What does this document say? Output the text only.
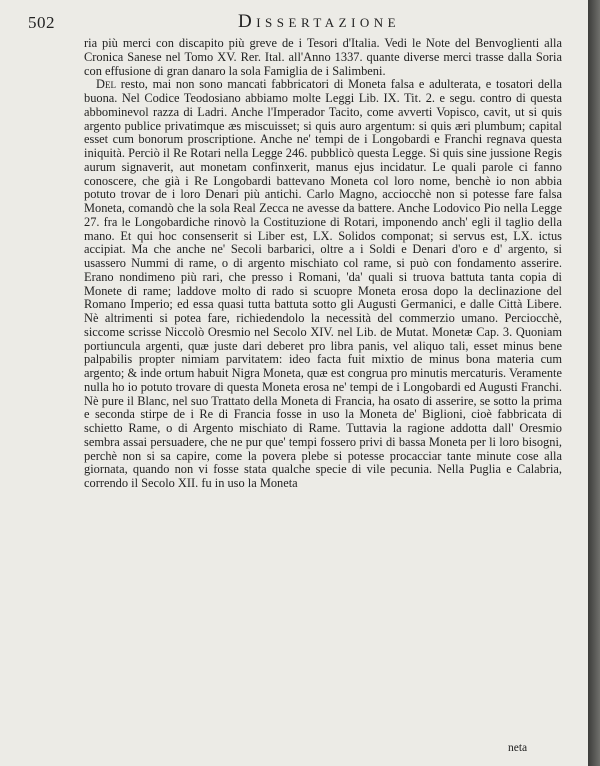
502	Dissertazione

ria più merci con discapito più greve de i Tesori d'Italia. Vedi le Note del Benvoglienti alla Cronica Sanese nel Tomo XV. Rer. Ital. all'Anno 1337. quante diverse merci trasse dalla Soria con effusione di gran danaro la sola Famiglia de i Salimbeni.

Del resto, mai non sono mancati fabbricatori di Moneta falsa e adulterata, e tosatori della buona. Nel Codice Teodosiano abbiamo molte Leggi Lib. IX. Tit. 2. e segu. contro di questa abbominevol razza di Ladri. Anche l'Imperador Tacito, come avverti Vopisco, cavit, ut si quis argento publice privatimque æs miscuisset; si quis auro argentum: si quis æri plumbum; capital esset cum bonorum proscriptione. Anche ne' tempi de i Longobardi e Franchi regnava questa iniquità. Perciò il Re Rotari nella Legge 246. pubblicò questa Legge. Si quis sine jussione Regis aurum signaverit, aut monetam confinxerit, manus ejus incidatur. Le quali parole ci fanno conoscere, che già i Re Longobardi battevano Moneta col loro nome, benchè io non abbia potuto trovar de i loro Denari più antichi. Carlo Magno, acciocchè non si potesse fare falsa Moneta, comandò che la sola Real Zecca ne avesse da battere. Anche Lodovico Pio nella Legge 27. fra le Longobardiche rinovò la Costituzione di Rotari, imponendo anch' egli il taglio della mano. Et qui hoc consenserit si Liber est, LX. Solidos componat; si servus est, LX. ictus accipiat. Ma che anche ne' Secoli barbarici, oltre a i Soldi e Denari d'oro e d' argento, si usassero Nummi di rame, o di argento mischiato col rame, si può con fondamento asserire. Erano nondimeno più rari, che presso i Romani, 'da' quali si truova battuta tanta copia di Monete di rame; laddove molto di rado si scuopre Moneta erosa dopo la declinazione del Romano Imperio; ed essa quasi tutta battuta sotto gli Augusti Germanici, e dalle Città Libere. Nè altrimenti si potea fare, richiedendolo la necessità del commerzio umano. Perciocchè, siccome scrisse Niccolò Oresmio nel Secolo XIV. nel Lib. de Mutat. Monetæ Cap. 3. Quoniam portiuncula argenti, quæ juste dari deberet pro libra panis, vel aliquo tali, esset minus bene palpabilis propter nimiam parvitatem: ideo facta fuit mixtio de minus bona materia cum argento; & inde ortum habuit Nigra Moneta, quæ est congrua pro minutis mercaturis. Veramente nulla ho io potuto trovare di questa Moneta erosa ne' tempi de i Longobardi ed Augusti Franchi. Nè pure il Blanc, nel suo Trattato della Moneta di Francia, ha osato di asserire, se sotto la prima e seconda stirpe de i Re di Francia fosse in uso la Moneta de' Biglioni, cioè fabbricata di schietto Rame, o di Argento mischiato di Rame. Tuttavia la ragione addotta dall' Oresmio sembra assai persuadere, che ne pur que' tempi fossero privi di bassa Moneta per li loro bisogni, perchè non si sa capire, come la povera plebe si potesse procacciar tante minute cose alla giornata, quando non vi fosse stata qualche specie di vile pecunia. Nella Puglia e Calabria, correndo il Secolo XII. fu in uso la Moneta

neta
